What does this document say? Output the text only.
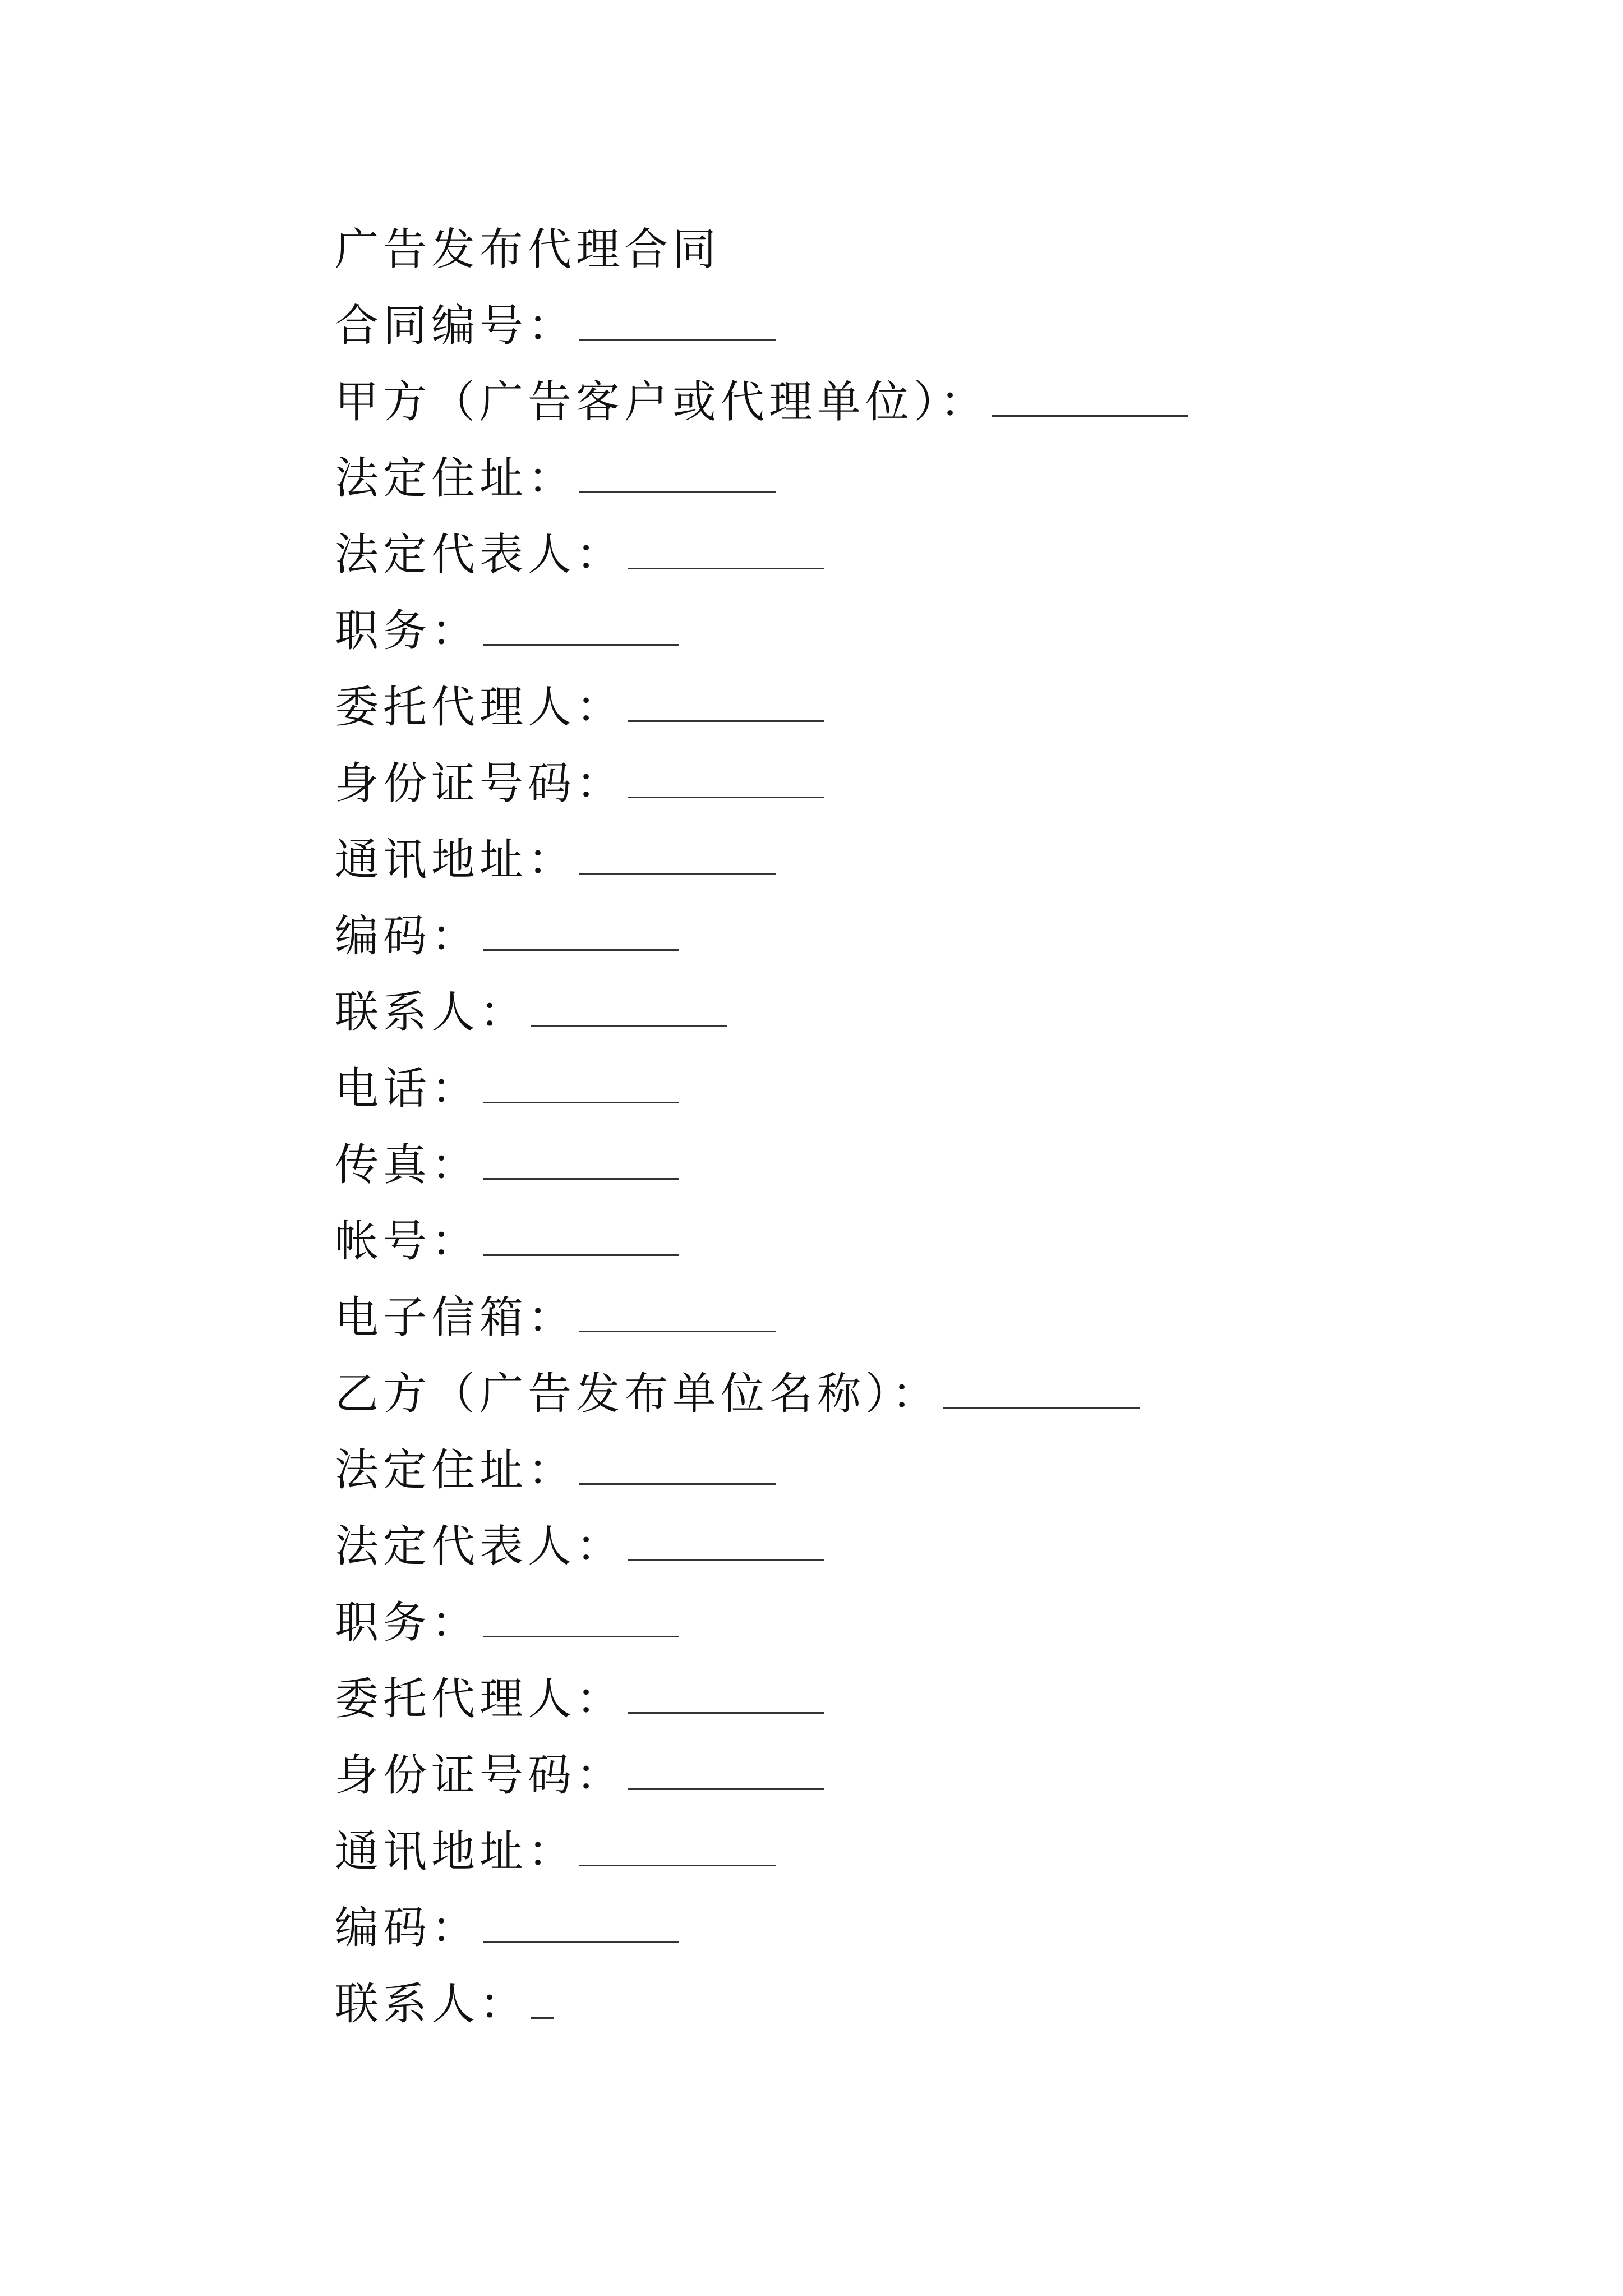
广告发布代理合同
合同编号：
甲方（广告客户或代理单位）：
法定住址：
法定代表人：
职务：
委托代理人：
身份证号码：
通讯地址：
编码：
联系人：
电话：
传真：
帐号：
电子信箱：
乙方（广告发布单位名称）：
法定住址：
法定代表人：
职务：
委托代理人：
身份证号码：
通讯地址：
编码：
联系人：
